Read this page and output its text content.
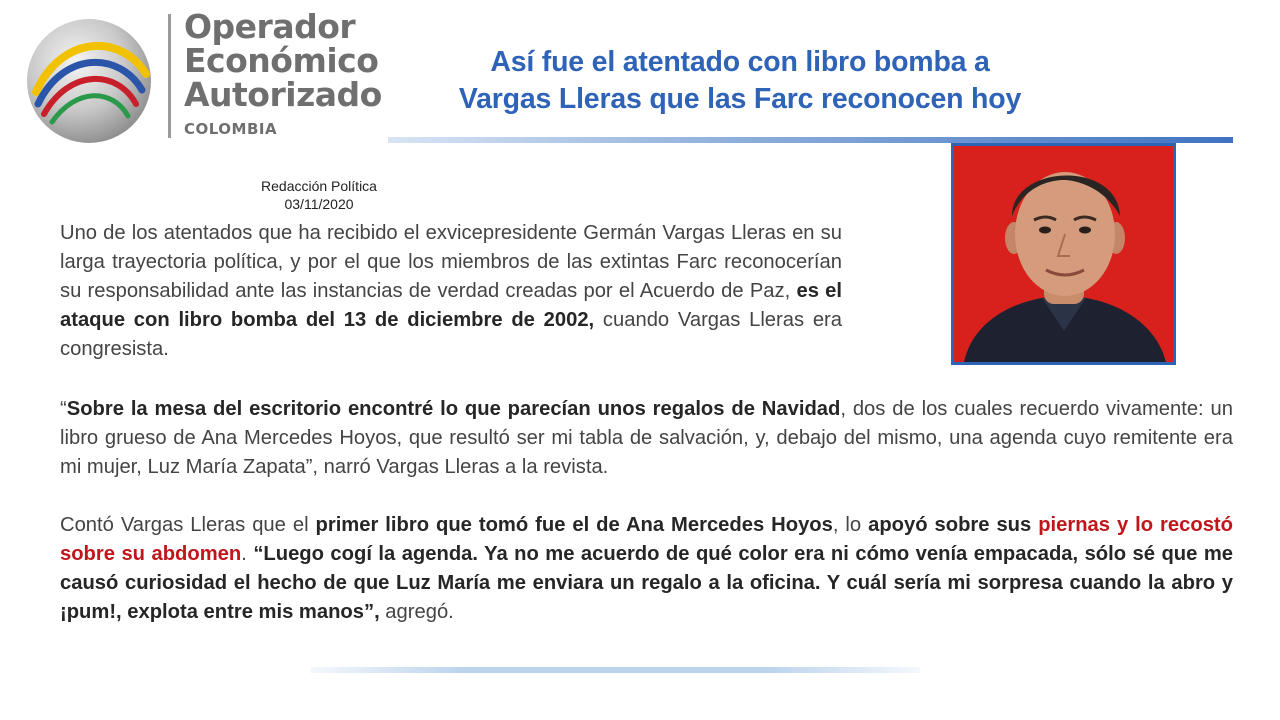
Operador
Económico
Autorizado
COLOMBIA
Así fue el atentado con libro bomba a
Vargas Lleras que las Farc reconocen hoy
Redacción Política
03/11/2020
Uno de los atentados que ha recibido el exvicepresidente Germán Vargas Lleras en su larga trayectoria política, y por el que los miembros de las extintas Farc reconocerían su responsabilidad ante las instancias de verdad creadas por el Acuerdo de Paz, es el ataque con libro bomba del 13 de diciembre de 2002, cuando Vargas Lleras era congresista.
“Sobre la mesa del escritorio encontré lo que parecían unos regalos de Navidad, dos de los cuales recuerdo vivamente: un libro grueso de Ana Mercedes Hoyos, que resultó ser mi tabla de salvación, y, debajo del mismo, una agenda cuyo remitente era mi mujer, Luz María Zapata”, narró Vargas Lleras a la revista.
Contó Vargas Lleras que el primer libro que tomó fue el de Ana Mercedes Hoyos, lo apoyó sobre sus piernas y lo recostó sobre su abdomen. “Luego cogí la agenda. Ya no me acuerdo de qué color era ni cómo venía empacada, sólo sé que me causó curiosidad el hecho de que Luz María me enviara un regalo a la oficina. Y cuál sería mi sorpresa cuando la abro y ¡pum!, explota entre mis manos”, agregó.
